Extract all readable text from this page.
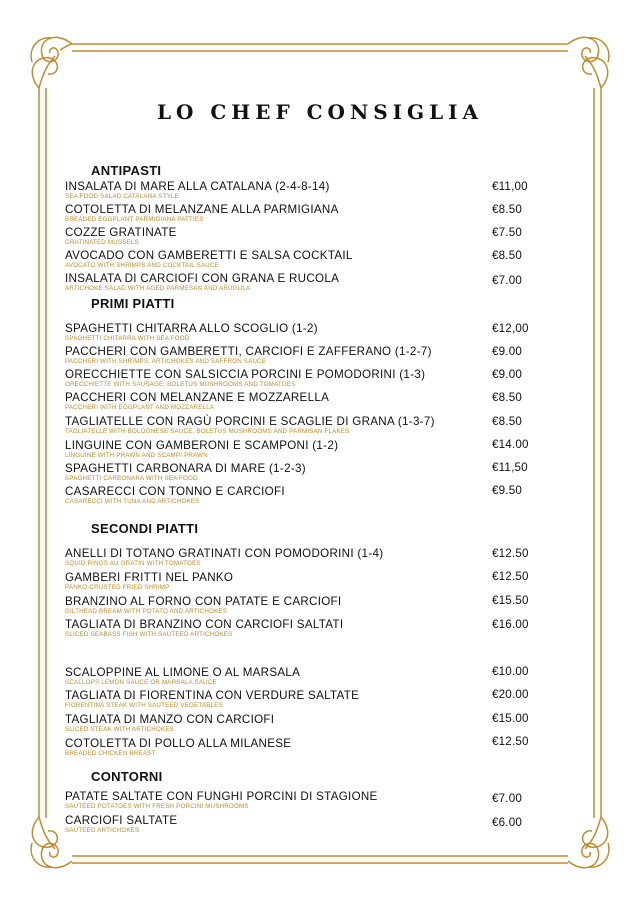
LO CHEF CONSIGLIA
ANTIPASTI
INSALATA DI MARE ALLA CATALANA (2-4-8-14)
SEA FOOD SALAD CATALANA STYLE
€11,00
COTOLETTA DI MELANZANE ALLA PARMIGIANA
BREADED EGGPLANT PARMIGIANA PATTIES
€8.50
COZZE GRATINATE
GRATINATED MUSSELS
€7.50
AVOCADO CON GAMBERETTI E SALSA COCKTAIL
AVOCATO WITH SHRIMPS AND COCKTAIL SAUCE
€8.50
INSALATA DI CARCIOFI CON GRANA E RUCOLA
ARTICHOKE SALAD WITH AGED PARMESAN AND ARUGULA
€7.00
PRIMI PIATTI
SPAGHETTI CHITARRA ALLO SCOGLIO (1-2)
SPAGHETTI CHITARRA WITH SEA FOOD
€12,00
PACCHERI CON GAMBERETTI, CARCIOFI E ZAFFERANO (1-2-7)
PACCHERI WITH SHRIMPS, ARTICHOKES AND SAFFRON SAUCE
€9.00
ORECCHIETTE CON SALSICCIA PORCINI E POMODORINI (1-3)
ORECCHIETTE WITH SAUSAGE, BOLETUS MUSHROOMS AND TOMATOES
€9.00
PACCHERI CON MELANZANE E MOZZARELLA
PACCHERI WITH EGGPLANT AND MOZZARELLA
€8.50
TAGLIATELLE CON RAGÙ PORCINI E SCAGLIE DI GRANA (1-3-7)
TAGLIATELLE WITH BOLOGNESE SAUCE, BOLETUS MUSHROOMS AND PARMISAN FLAKES
€8.50
LINGUINE CON GAMBERONI E SCAMPONI (1-2)
LINGUINE WITH PRAWN AND SCAMPI PRAWN
€14.00
SPAGHETTI CARBONARA DI MARE (1-2-3)
SPAGHETTI CARBONARA WITH SEA FOOD
€11,50
CASARECCI CON TONNO E CARCIOFI
CASARECCI WITH TUNA AND ARTICHOKES
€9.50
SECONDI PIATTI
ANELLI DI TOTANO GRATINATI CON POMODORINI (1-4)
SQUID RINGS AU GRATIN WITH TOMATOES
€12.50
GAMBERI FRITTI NEL PANKO
PANKO-CRUSTED FRIED SHRIMP
€12.50
BRANZINO AL FORNO CON PATATE E CARCIOFI
GILTHEAD BREAM WITH POTATO AND ARTICHOKES
€15.50
TAGLIATA DI BRANZINO CON CARCIOFI SALTATI
SLICED SEABASS FISH WITH SAUTEED ARTICHOKES
€16.00
SCALOPPINE AL LIMONE O AL MARSALA
SCALLOPS LEMON SAUCE OR MARSALA SAUCE
€10.00
TAGLIATA DI FIORENTINA CON VERDURE SALTATE
FIORENTINA STEAK WITH SAUTEED VEGETABLES
€20.00
TAGLIATA DI MANZO CON CARCIOFI
SLICED STEAK WITH ARTICHOKES
€15.00
COTOLETTA DI POLLO ALLA MILANESE
BREADED CHICKEN BREAST
€12.50
CONTORNI
PATATE SALTATE CON FUNGHI PORCINI DI STAGIONE
SAUTÈED POTATOES WITH FRESH PORCINI MUSHROOMS
€7.00
CARCIOFI SALTATE
SAUTEED ARTICHOKES
€6.00
